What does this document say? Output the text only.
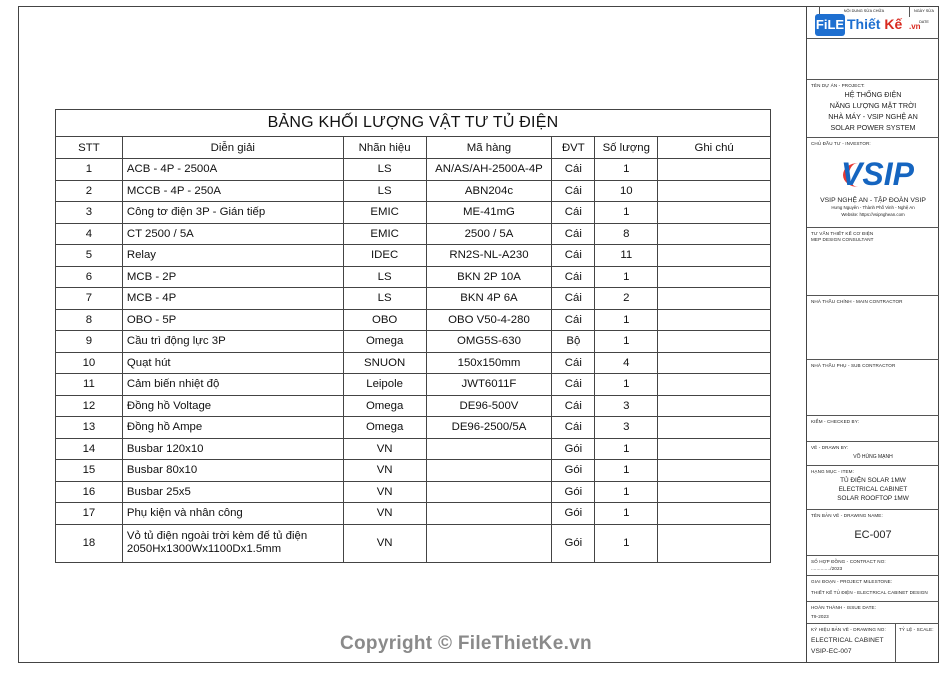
BẢNG KHỐI LƯỢNG VẬT TƯ TỦ ĐIỆN						
STT	Diễn giải	Nhãn hiệu	Mã hàng	ĐVT	Số lượng	Ghi chú
1	ACB - 4P - 2500A	LS	AN/AS/AH-2500A-4P	Cái	1	
2	MCCB - 4P - 250A	LS	ABN204c	Cái	10	
3	Công tơ điện 3P - Gián tiếp	EMIC	ME-41mG	Cái	1	
4	CT 2500 / 5A	EMIC	2500 / 5A	Cái	8	
5	Relay	IDEC	RN2S-NL-A230	Cái	11	
6	MCB - 2P	LS	BKN 2P 10A	Cái	1	
7	MCB - 4P	LS	BKN 4P 6A	Cái	2	
8	OBO - 5P	OBO	OBO V50-4-280	Cái	1	
9	Cầu trì động lực 3P	Omega	OMG5S-630	Bộ	1	
10	Quạt hút	SNUON	150x150mm	Cái	4	
11	Cảm biến nhiệt độ	Leipole	JWT6011F	Cái	1	
12	Đồng hồ Voltage	Omega	DE96-500V	Cái	3	
13	Đồng hồ Ampe	Omega	DE96-2500/5A	Cái	3	
14	Busbar 120x10	VN		Gói	1	
15	Busbar 80x10	VN		Gói	1	
16	Busbar 25x5	VN		Gói	1	
17	Phụ kiện và nhân công	VN		Gói	1	
18	Vỏ tủ điện ngoài trời kèm đế tủ điện
2050Hx1300Wx1100Dx1.5mm	VN		Gói	1	
NỘI DUNG SỬA CHỮA	NGÀY SỬA DATE
FiLE Thiết Kế .vn
TÊN DỰ ÁN - PROJECT:
HỆ THỐNG ĐIỆN
NĂNG LƯỢNG MẶT TRỜI
NHÀ MÁY - VSIP NGHỆ AN
SOLAR POWER SYSTEM
CHỦ ĐẦU TƯ - INVESTOR:
VSIP
VSIP NGHỆ AN - TẬP ĐOÀN VSIP
Hưng Nguyên - Thành Phố Vinh - Nghệ An
Website: https://vsipnghean.com
TƯ VẤN THIẾT KẾ CƠ ĐIỆN
MEP DESIGN CONSULTANT
NHÀ THẦU CHÍNH - MAIN CONTRACTOR
NHÀ THẦU PHỤ - SUB CONTRACTOR
KIỂM - CHECKED BY:
VẼ - DRAWN BY:
VÕ HÙNG MẠNH
HẠNG MỤC - ITEM:
TỦ ĐIỆN SOLAR 1MW
ELECTRICAL CABINET
SOLAR ROOFTOP 1MW
TÊN BẢN VẼ - DRAWING NAME:
EC-007
SỐ HỢP ĐỒNG - CONTRACT NO:
............../2023
GIAI ĐOẠN - PROJECT MILESTONE:
THIẾT KẾ TỦ ĐIỆN - ELECTRICAL CABINET DESIGN
HOÀN THÀNH - ISSUE DATE:
T9-2023
KÝ HIỆU BẢN VẼ - DRAWING NO:	TỶ LỆ - SCALE:
ELECTRICAL CABINET
VSIP-EC-007
Copyright © FileThietKe.vn
